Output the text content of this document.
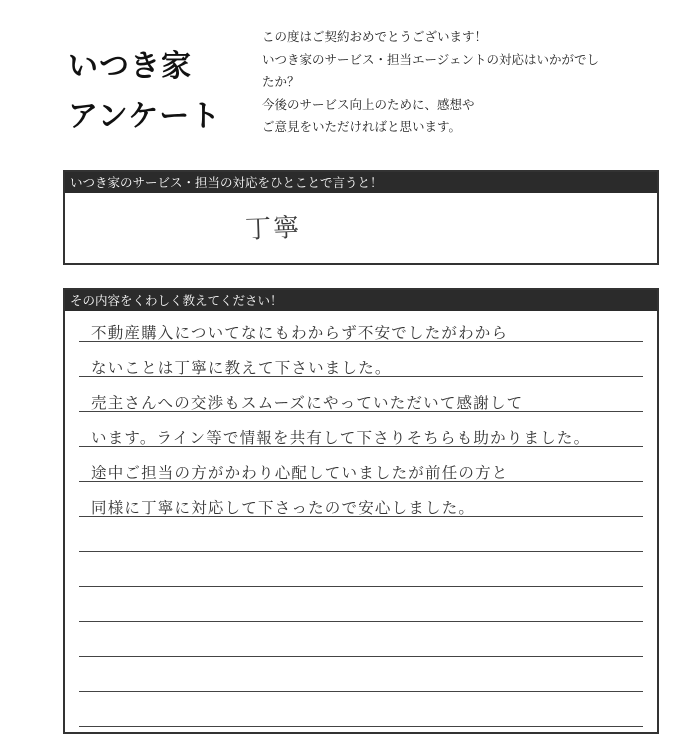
いつき家
アンケート
この度はご契約おめでとうございます！
いつき家のサービス・担当エージェントの対応はいかがでし
たか？
今後のサービス向上のために、感想や
ご意見をいただければと思います。
いつき家のサービス・担当の対応をひとことで言うと！
丁寧
その内容をくわしく教えてください！
不動産購入についてなにもわからず不安でしたがわから
ないことは丁寧に教えて下さいました。
売主さんへの交渉もスムーズにやっていただいて感謝して
います。ライン等で情報を共有して下さりそちらも助かりました。
途中ご担当の方がかわり心配していましたが前任の方と
同様に丁寧に対応して下さったので安心しました。
